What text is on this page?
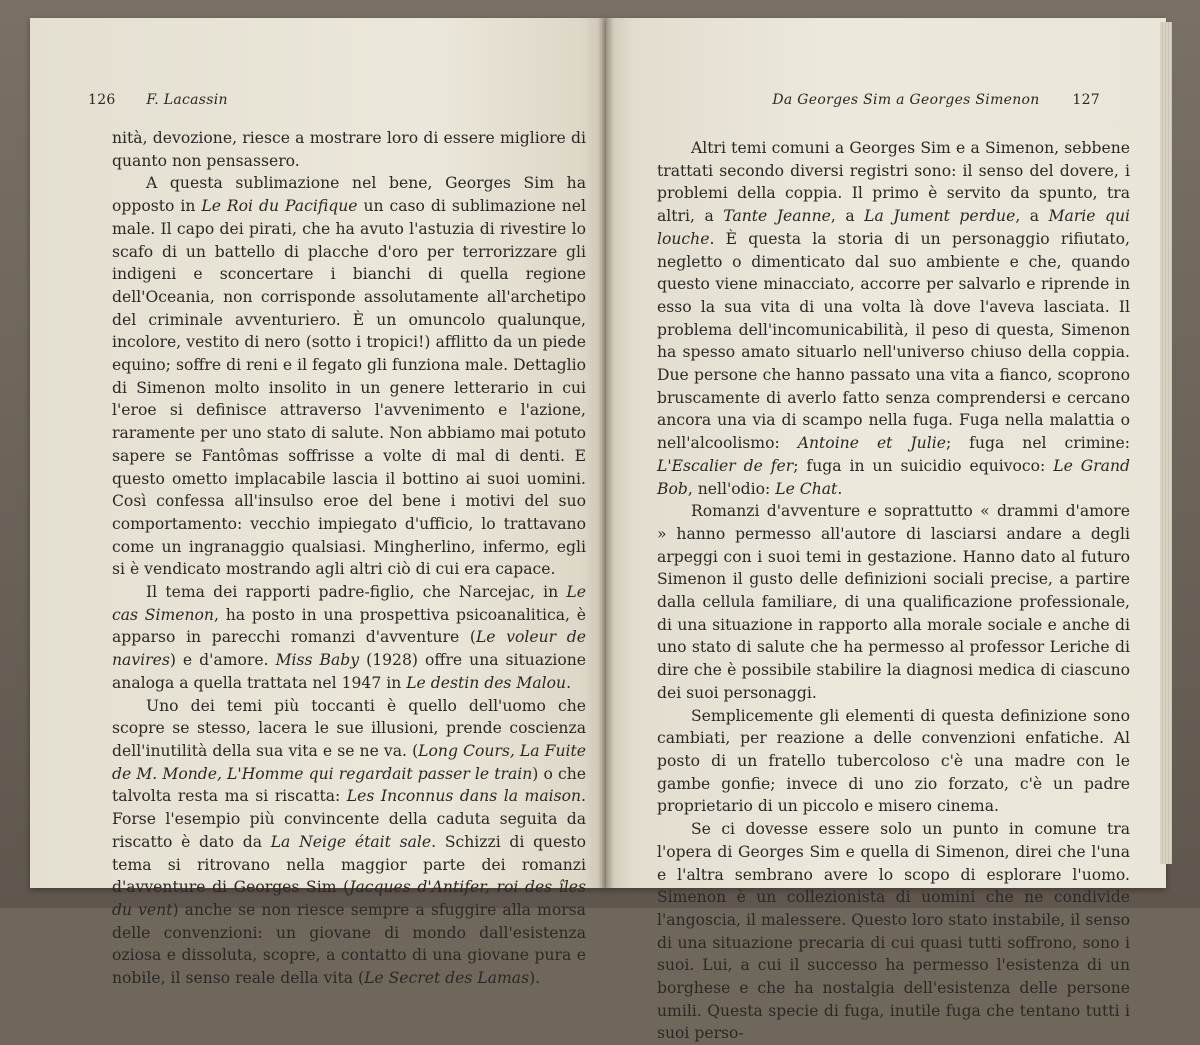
126 F. Lacassin

nità, devozione, riesce a mostrare loro di essere migliore di quanto non pensassero.

A questa sublimazione nel bene, Georges Sim ha opposto in Le Roi du Pacifique un caso di sublimazione nel male. Il capo dei pirati, che ha avuto l'astuzia di rivestire lo scafo di un battello di placche d'oro per terrorizzare gli indigeni e sconcertare i bianchi di quella regione dell'Oceania, non corrisponde assolutamente all'archetipo del criminale avventuriero. È un omuncolo qualunque, incolore, vestito di nero (sotto i tropici!) afflitto da un piede equino; soffre di reni e il fegato gli funziona male. Dettaglio di Simenon molto insolito in un genere letterario in cui l'eroe si definisce attraverso l'avvenimento e l'azione, raramente per uno stato di salute. Non abbiamo mai potuto sapere se Fantômas soffrisse a volte di mal di denti. E questo ometto implacabile lascia il bottino ai suoi uomini. Così confessa all'insulso eroe del bene i motivi del suo comportamento: vecchio impiegato d'ufficio, lo trattavano come un ingranaggio qualsiasi. Mingherlino, infermo, egli si è vendicato mostrando agli altri ciò di cui era capace.

Il tema dei rapporti padre-figlio, che Narcejac, in Le cas Simenon, ha posto in una prospettiva psicoanalitica, è apparso in parecchi romanzi d'avventure (Le voleur de navires) e d'amore. Miss Baby (1928) offre una situazione analoga a quella trattata nel 1947 in Le destin des Malou.

Uno dei temi più toccanti è quello dell'uomo che scopre se stesso, lacera le sue illusioni, prende coscienza dell'inutilità della sua vita e se ne va. (Long Cours, La Fuite de M. Monde, L'Homme qui regardait passer le train) o che talvolta resta ma si riscatta: Les Inconnus dans la maison. Forse l'esempio più convincente della caduta seguita da riscatto è dato da La Neige était sale. Schizzi di questo tema si ritrovano nella maggior parte dei romanzi d'avventure di Georges Sim (Jacques d'Antifer, roi des îles du vent) anche se non riesce sempre a sfuggire alla morsa delle convenzioni: un giovane di mondo dall'esistenza oziosa e dissoluta, scopre, a contatto di una giovane pura e nobile, il senso reale della vita (Le Secret des Lamas).

Da Georges Sim a Georges Simenon 127

Altri temi comuni a Georges Sim e a Simenon, sebbene trattati secondo diversi registri sono: il senso del dovere, i problemi della coppia. Il primo è servito da spunto, tra altri, a Tante Jeanne, a La Jument perdue, a Marie qui louche. È questa la storia di un personaggio rifiutato, negletto o dimenticato dal suo ambiente e che, quando questo viene minacciato, accorre per salvarlo e riprende in esso la sua vita di una volta là dove l'aveva lasciata. Il problema dell'incomunicabilità, il peso di questa, Simenon ha spesso amato situarlo nell'universo chiuso della coppia. Due persone che hanno passato una vita a fianco, scoprono bruscamente di averlo fatto senza comprendersi e cercano ancora una via di scampo nella fuga. Fuga nella malattia o nell'alcoolismo: Antoine et Julie; fuga nel crimine: L'Escalier de fer; fuga in un suicidio equivoco: Le Grand Bob, nell'odio: Le Chat.

Romanzi d'avventure e soprattutto « drammi d'amore » hanno permesso all'autore di lasciarsi andare a degli arpeggi con i suoi temi in gestazione. Hanno dato al futuro Simenon il gusto delle definizioni sociali precise, a partire dalla cellula familiare, di una qualificazione professionale, di una situazione in rapporto alla morale sociale e anche di uno stato di salute che ha permesso al professor Leriche di dire che è possibile stabilire la diagnosi medica di ciascuno dei suoi personaggi.

Semplicemente gli elementi di questa definizione sono cambiati, per reazione a delle convenzioni enfatiche. Al posto di un fratello tubercoloso c'è una madre con le gambe gonfie; invece di uno zio forzato, c'è un padre proprietario di un piccolo e misero cinema.

Se ci dovesse essere solo un punto in comune tra l'opera di Georges Sim e quella di Simenon, direi che l'una e l'altra sembrano avere lo scopo di esplorare l'uomo. Simenon è un collezionista di uomini che ne condivide l'angoscia, il malessere. Questo loro stato instabile, il senso di una situazione precaria di cui quasi tutti soffrono, sono i suoi. Lui, a cui il successo ha permesso l'esistenza di un borghese e che ha nostalgia dell'esistenza delle persone umili. Questa specie di fuga, inutile fuga che tentano tutti i suoi perso-
